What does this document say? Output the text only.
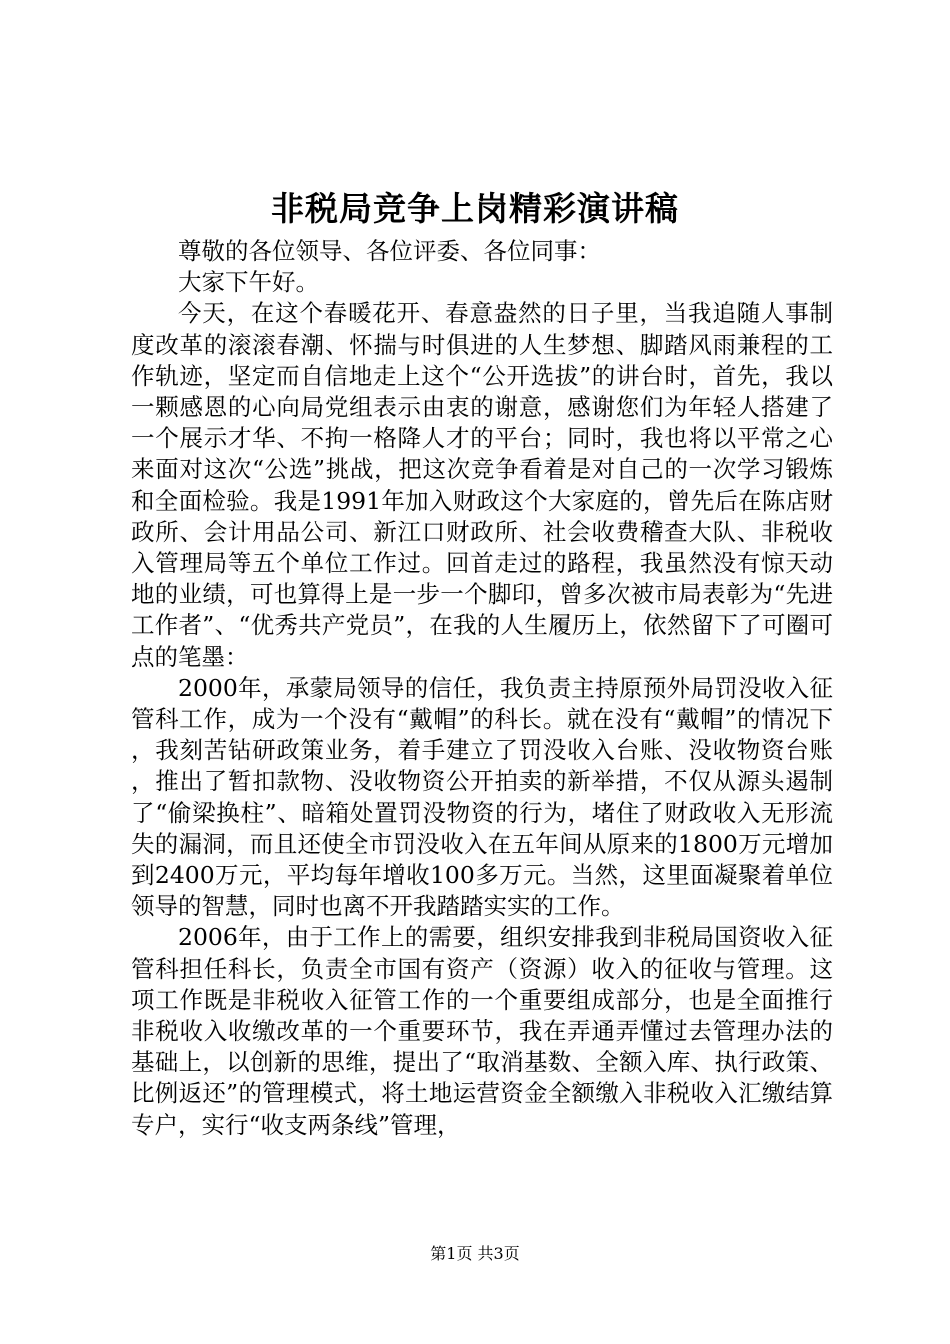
非税局竞争上岗精彩演讲稿

尊敬的各位领导、各位评委、各位同事：

大家下午好。

今天，在这个春暖花开、春意盎然的日子里，当我追随人事制度改革的滚滚春潮、怀揣与时俱进的人生梦想、脚踏风雨兼程的工作轨迹，坚定而自信地走上这个“公开选拔”的讲台时，首先，我以一颗感恩的心向局党组表示由衷的谢意，感谢您们为年轻人搭建了一个展示才华、不拘一格降人才的平台；同时，我也将以平常之心来面对这次“公选”挑战，把这次竞争看着是对自己的一次学习锻炼和全面检验。我是1991年加入财政这个大家庭的，曾先后在陈店财政所、会计用品公司、新江口财政所、社会收费稽查大队、非税收入管理局等五个单位工作过。回首走过的路程，我虽然没有惊天动地的业绩，可也算得上是一步一个脚印，曾多次被市局表彰为“先进工作者”、“优秀共产党员”，在我的人生履历上，依然留下了可圈可点的笔墨：

2000年，承蒙局领导的信任，我负责主持原预外局罚没收入征管科工作，成为一个没有“戴帽”的科长。就在没有“戴帽”的情况下，我刻苦钻研政策业务，着手建立了罚没收入台账、没收物资台账，推出了暂扣款物、没收物资公开拍卖的新举措，不仅从源头遏制了“偷梁换柱”、暗箱处置罚没物资的行为，堵住了财政收入无形流失的漏洞，而且还使全市罚没收入在五年间从原来的1800万元增加到2400万元，平均每年增收100多万元。当然，这里面凝聚着单位领导的智慧，同时也离不开我踏踏实实的工作。

2006年，由于工作上的需要，组织安排我到非税局国资收入征管科担任科长，负责全市国有资产（资源）收入的征收与管理。这项工作既是非税收入征管工作的一个重要组成部分，也是全面推行非税收入收缴改革的一个重要环节，我在弄通弄懂过去管理办法的基础上，以创新的思维，提出了“取消基数、全额入库、执行政策、比例返还”的管理模式，将土地运营资金全额缴入非税收入汇缴结算专户，实行“收支两条线”管理，

第1页 共3页
